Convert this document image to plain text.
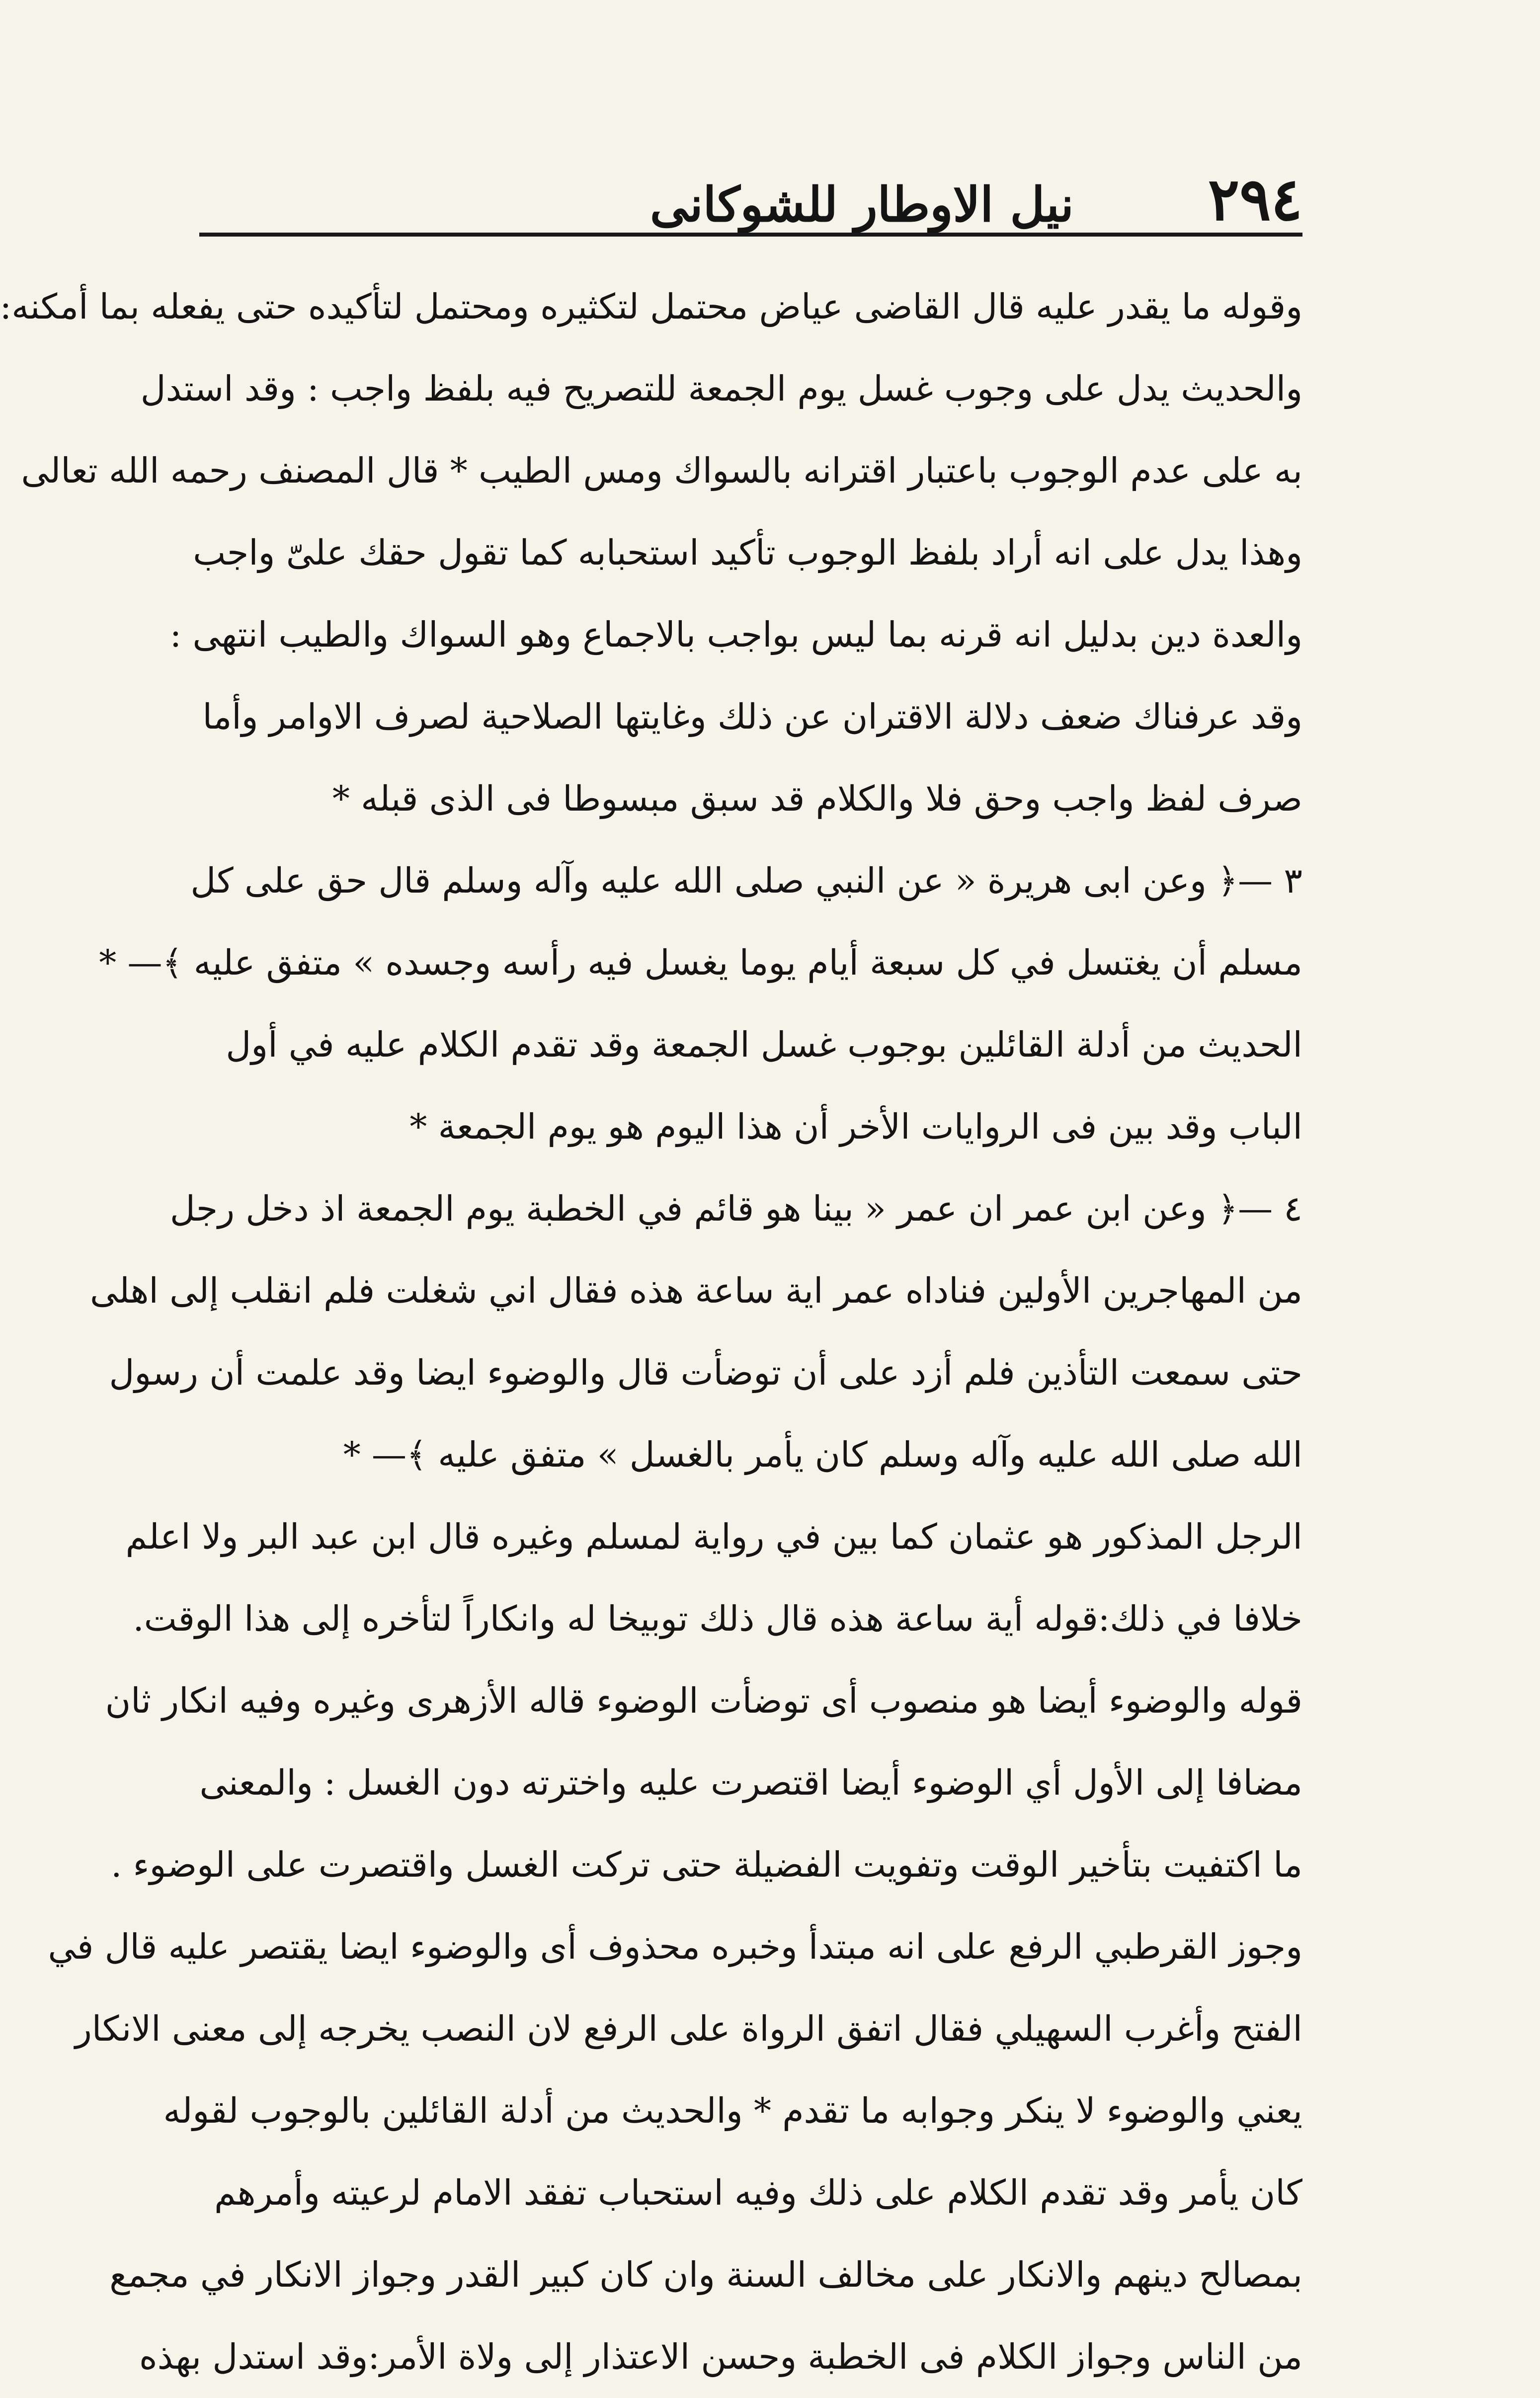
٢٩٤
نيل الاوطار للشوكانى
وقوله ما يقدر عليه قال القاضى عياض محتمل لتكثيره ومحتمل لتأكيده حتى يفعله بما أمكنه:
والحديث يدل على وجوب غسل يوم الجمعة للتصريح فيه بلفظ واجب : وقد استدل
به على عدم الوجوب باعتبار اقترانه بالسواك ومس الطيب * قال المصنف رحمه الله تعالى
وهذا يدل على انه أراد بلفظ الوجوب تأكيد استحبابه كما تقول حقك علىّ واجب
والعدة دين بدليل انه قرنه بما ليس بواجب بالاجماع وهو السواك والطيب انتهى :
وقد عرفناك ضعف دلالة الاقتران عن ذلك وغايتها الصلاحية لصرف الاوامر وأما
صرف لفظ واجب وحق فلا والكلام قد سبق مبسوطا فى الذى قبله *
٣ —﴿ وعن ابى هريرة « عن النبي صلى الله عليه وآله وسلم قال حق على كل
مسلم أن يغتسل في كل سبعة أيام يوما يغسل فيه رأسه وجسده » متفق عليه ﴾— *
الحديث من أدلة القائلين بوجوب غسل الجمعة وقد تقدم الكلام عليه في أول
الباب وقد بين فى الروايات الأخر أن هذا اليوم هو يوم الجمعة *
٤ —﴿ وعن ابن عمر ان عمر « بينا هو قائم في الخطبة يوم الجمعة اذ دخل رجل
من المهاجرين الأولين فناداه عمر اية ساعة هذه فقال اني شغلت فلم انقلب إلى اهلى
حتى سمعت التأذين فلم أزد على أن توضأت قال والوضوء ايضا وقد علمت أن رسول
الله صلى الله عليه وآله وسلم كان يأمر بالغسل » متفق عليه ﴾— *
الرجل المذكور هو عثمان كما بين في رواية لمسلم وغيره قال ابن عبد البر ولا اعلم
خلافا في ذلك:قوله أية ساعة هذه قال ذلك توبيخا له وانكاراً لتأخره إلى هذا الوقت.
قوله والوضوء أيضا هو منصوب أى توضأت الوضوء قاله الأزهرى وغيره وفيه انكار ثان
مضافا إلى الأول أي الوضوء أيضا اقتصرت عليه واخترته دون الغسل : والمعنى
ما اكتفيت بتأخير الوقت وتفويت الفضيلة حتى تركت الغسل واقتصرت على الوضوء .
وجوز القرطبي الرفع على انه مبتدأ وخبره محذوف أى والوضوء ايضا يقتصر عليه قال في
الفتح وأغرب السهيلي فقال اتفق الرواة على الرفع لان النصب يخرجه إلى معنى الانكار
يعني والوضوء لا ينكر وجوابه ما تقدم * والحديث من أدلة القائلين بالوجوب لقوله
كان يأمر وقد تقدم الكلام على ذلك وفيه استحباب تفقد الامام لرعيته وأمرهم
بمصالح دينهم والانكار على مخالف السنة وان كان كبير القدر وجواز الانكار في مجمع
من الناس وجواز الكلام فى الخطبة وحسن الاعتذار إلى ولاة الأمر:وقد استدل بهذه
